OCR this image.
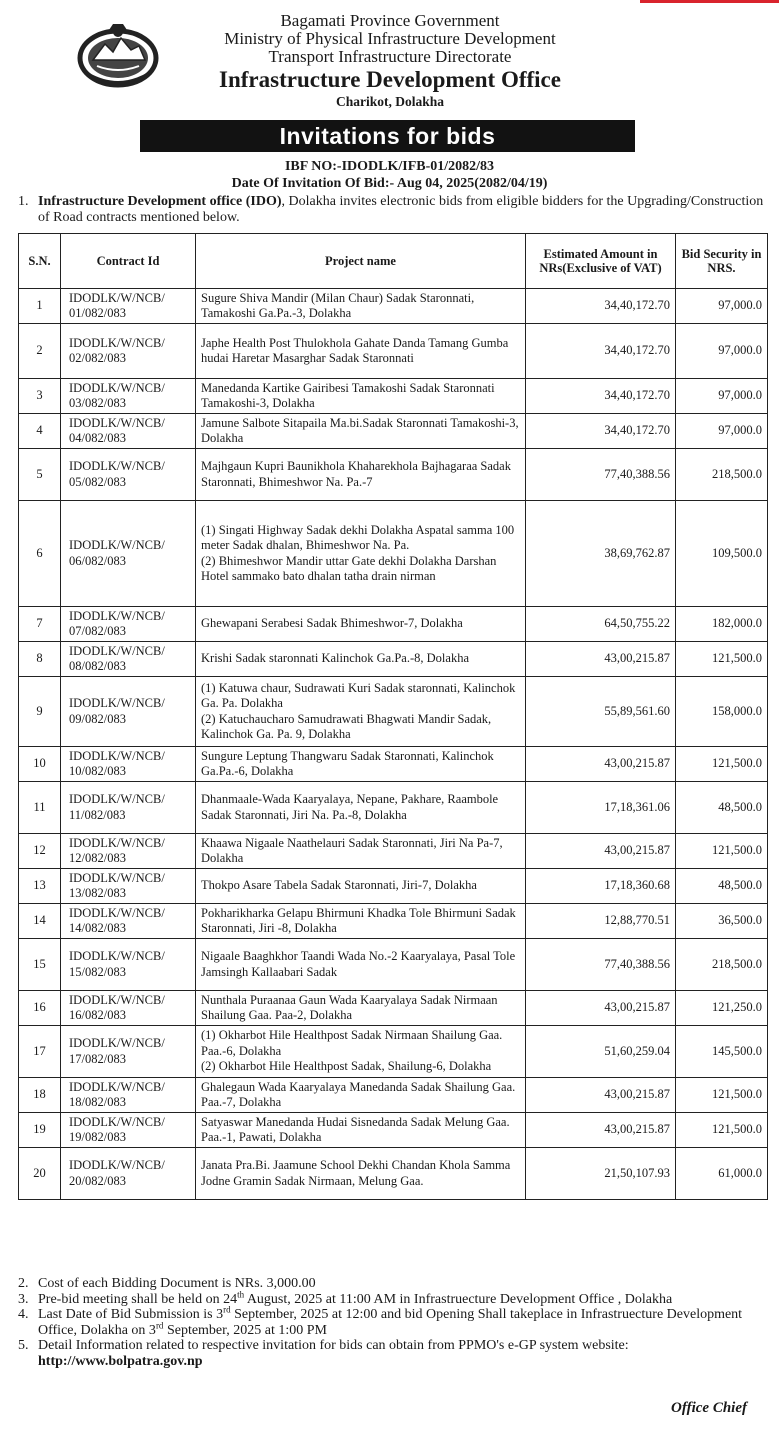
Bagamati Province Government
Ministry of Physical Infrastructure Development
Transport Infrastructure Directorate
Infrastructure Development Office
Charikot, Dolakha
Invitations for bids
IBF NO:-IDODLK/IFB-01/2082/83
Date Of Invitation Of Bid:- Aug 04, 2025(2082/04/19)
1. Infrastructure Development office (IDO), Dolakha invites electronic bids from eligible bidders for the Upgrading/Construction of Road contracts mentioned below.
S.N.	Contract Id	Project name	Estimated Amount in NRs(Exclusive of VAT)	Bid Security in NRS.
1	IDODLK/W/NCB/ 01/082/083	Sugure Shiva Mandir (Milan Chaur) Sadak Staronnati, Tamakoshi Ga.Pa.-3, Dolakha	34,40,172.70	97,000.0
2	IDODLK/W/NCB/ 02/082/083	Japhe Health Post Thulokhola Gahate Danda Tamang Gumba hudai Haretar Masarghar Sadak Staronnati	34,40,172.70	97,000.0
3	IDODLK/W/NCB/ 03/082/083	Manedanda Kartike Gairibesi Tamakoshi Sadak Staronnati Tamakoshi-3, Dolakha	34,40,172.70	97,000.0
4	IDODLK/W/NCB/ 04/082/083	Jamune Salbote Sitapaila Ma.bi.Sadak Staronnati Tamakoshi-3, Dolakha	34,40,172.70	97,000.0
5	IDODLK/W/NCB/ 05/082/083	Majhgaun Kupri Baunikhola Khaharekhola Bajhagaraa Sadak Staronnati, Bhimeshwor Na. Pa.-7	77,40,388.56	218,500.0
6	IDODLK/W/NCB/ 06/082/083	(1) Singati Highway Sadak dekhi Dolakha Aspatal samma 100 meter Sadak dhalan, Bhimeshwor Na. Pa.
(2) Bhimeshwor Mandir uttar Gate dekhi Dolakha Darshan Hotel sammako bato dhalan tatha drain nirman	38,69,762.87	109,500.0
7	IDODLK/W/NCB/ 07/082/083	Ghewapani Serabesi Sadak Bhimeshwor-7, Dolakha	64,50,755.22	182,000.0
8	IDODLK/W/NCB/ 08/082/083	Krishi Sadak staronnati Kalinchok Ga.Pa.-8, Dolakha	43,00,215.87	121,500.0
9	IDODLK/W/NCB/ 09/082/083	(1) Katuwa chaur, Sudrawati Kuri Sadak staronnati, Kalinchok Ga. Pa. Dolakha
(2) Katuchaucharo Samudrawati Bhagwati Mandir Sadak, Kalinchok Ga. Pa. 9, Dolakha	55,89,561.60	158,000.0
10	IDODLK/W/NCB/ 10/082/083	Sungure Leptung Thangwaru Sadak Staronnati, Kalinchok Ga.Pa.-6, Dolakha	43,00,215.87	121,500.0
11	IDODLK/W/NCB/ 11/082/083	Dhanmaale-Wada Kaaryalaya, Nepane, Pakhare, Raambole Sadak Staronnati, Jiri Na. Pa.-8, Dolakha	17,18,361.06	48,500.0
12	IDODLK/W/NCB/ 12/082/083	Khaawa Nigaale Naathelauri Sadak Staronnati, Jiri Na Pa-7, Dolakha	43,00,215.87	121,500.0
13	IDODLK/W/NCB/ 13/082/083	Thokpo Asare Tabela Sadak Staronnati, Jiri-7, Dolakha	17,18,360.68	48,500.0
14	IDODLK/W/NCB/ 14/082/083	Pokharikharka Gelapu Bhirmuni Khadka Tole Bhirmuni Sadak Staronnati, Jiri -8, Dolakha	12,88,770.51	36,500.0
15	IDODLK/W/NCB/ 15/082/083	Nigaale Baaghkhor Taandi Wada No.-2 Kaaryalaya, Pasal Tole Jamsingh Kallaabari Sadak	77,40,388.56	218,500.0
16	IDODLK/W/NCB/ 16/082/083	Nunthala Puraanaa Gaun Wada Kaaryalaya Sadak Nirmaan Shailung Gaa. Paa-2, Dolakha	43,00,215.87	121,250.0
17	IDODLK/W/NCB/ 17/082/083	(1) Okharbot Hile Healthpost Sadak Nirmaan Shailung Gaa. Paa.-6, Dolakha
(2) Okharbot Hile Healthpost Sadak, Shailung-6, Dolakha	51,60,259.04	145,500.0
18	IDODLK/W/NCB/ 18/082/083	Ghalegaun Wada Kaaryalaya Manedanda Sadak Shailung Gaa. Paa.-7, Dolakha	43,00,215.87	121,500.0
19	IDODLK/W/NCB/ 19/082/083	Satyaswar Manedanda Hudai Sisnedanda Sadak Melung Gaa. Paa.-1, Pawati, Dolakha	43,00,215.87	121,500.0
20	IDODLK/W/NCB/ 20/082/083	Janata Pra.Bi. Jaamune School Dekhi Chandan Khola Samma Jodne Gramin Sadak Nirmaan, Melung Gaa.	21,50,107.93	61,000.0
2. Cost of each Bidding Document is NRs. 3,000.00
3. Pre-bid meeting shall be held on 24th August, 2025 at 11:00 AM in Infrastruecture Development Office , Dolakha
4. Last Date of Bid Submission is 3rd September, 2025 at 12:00 and bid Opening Shall takeplace in Infrastruecture Development Office, Dolakha on 3rd September, 2025 at 1:00 PM
5. Detail Information related to respective invitation for bids can obtain from PPMO's e-GP system website:
http://www.bolpatra.gov.np
Office Chief
